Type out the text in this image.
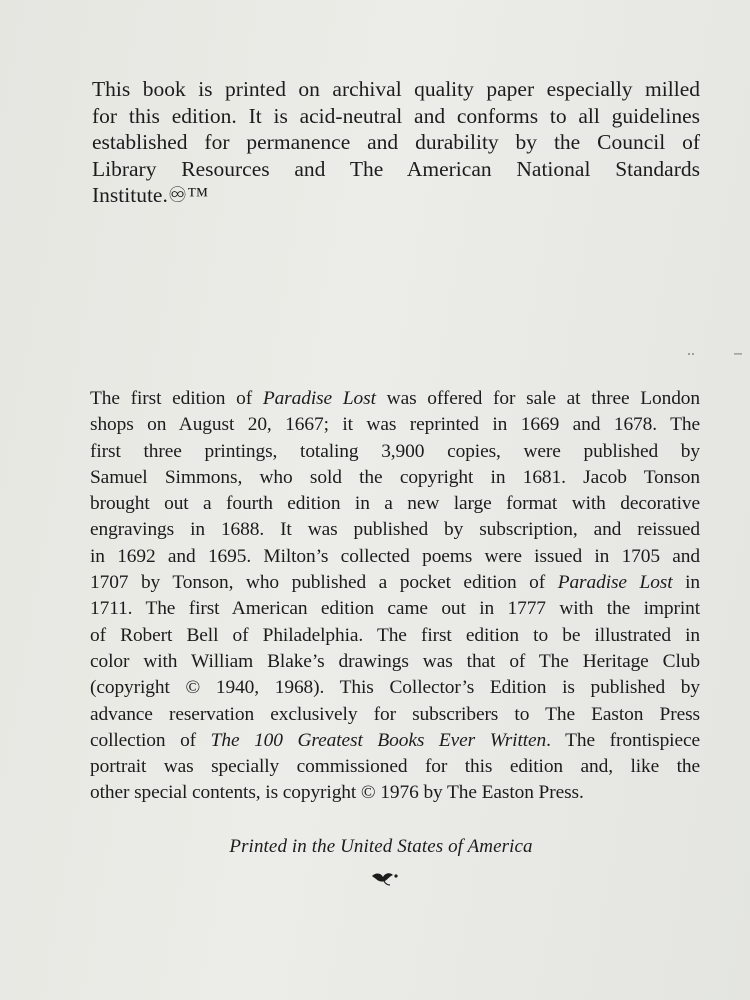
This book is printed on archival quality paper especially milled
for this edition. It is acid-neutral and conforms to all guidelines
established for permanence and durability by the Council of
Library Resources and The American National Standards
Institute.♾™

The first edition of Paradise Lost was offered for sale at three London
shops on August 20, 1667; it was reprinted in 1669 and 1678. The
first three printings, totaling 3,900 copies, were published by
Samuel Simmons, who sold the copyright in 1681. Jacob Tonson
brought out a fourth edition in a new large format with decorative
engravings in 1688. It was published by subscription, and reissued
in 1692 and 1695. Milton’s collected poems were issued in 1705 and
1707 by Tonson, who published a pocket edition of Paradise Lost in
1711. The first American edition came out in 1777 with the imprint
of Robert Bell of Philadelphia. The first edition to be illustrated in
color with William Blake’s drawings was that of The Heritage Club
(copyright © 1940, 1968). This Collector’s Edition is published by
advance reservation exclusively for subscribers to The Easton Press
collection of The 100 Greatest Books Ever Written. The frontispiece
portrait was specially commissioned for this edition and, like the
other special contents, is copyright © 1976 by The Easton Press.

Printed in the United States of America
